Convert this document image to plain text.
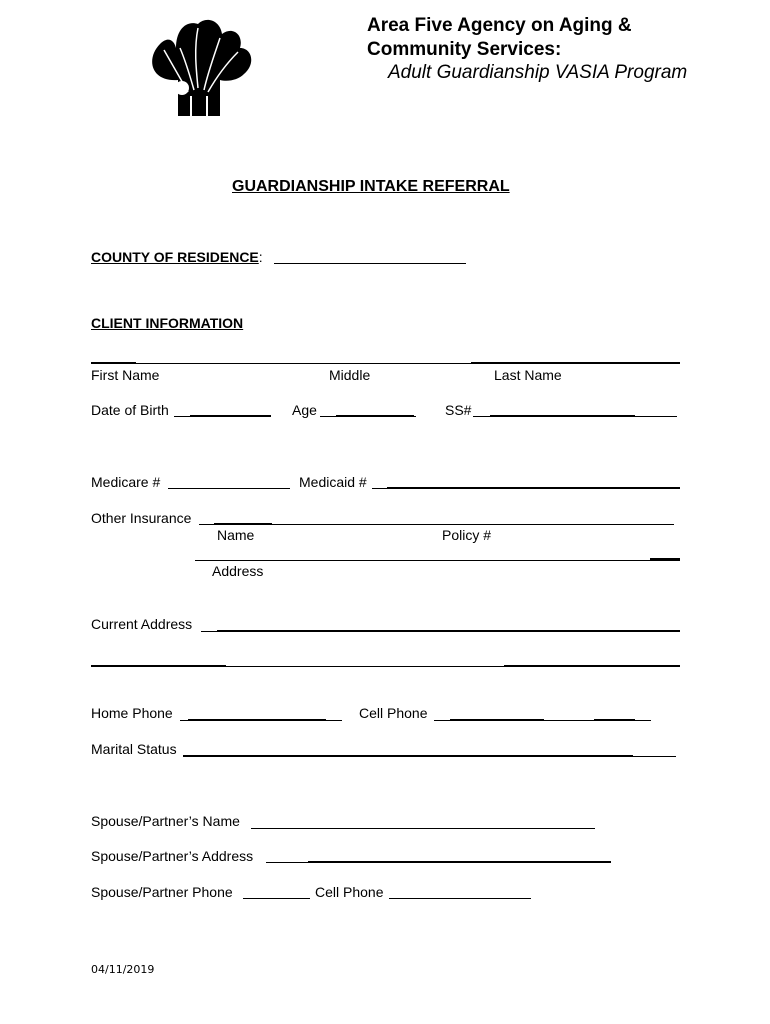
Area Five Agency on Aging &
Community Services:
Adult Guardianship VASIA Program
GUARDIANSHIP INTAKE REFERRAL
COUNTY OF RESIDENCE:
CLIENT INFORMATION
First Name	Middle	Last Name
Date of Birth	Age	SS#
Medicare #	Medicaid #
Other Insurance
Name	Policy #
Address
Current Address
Home Phone	Cell Phone
Marital Status
Spouse/Partner’s Name
Spouse/Partner’s Address
Spouse/Partner Phone	Cell Phone
04/11/2019
